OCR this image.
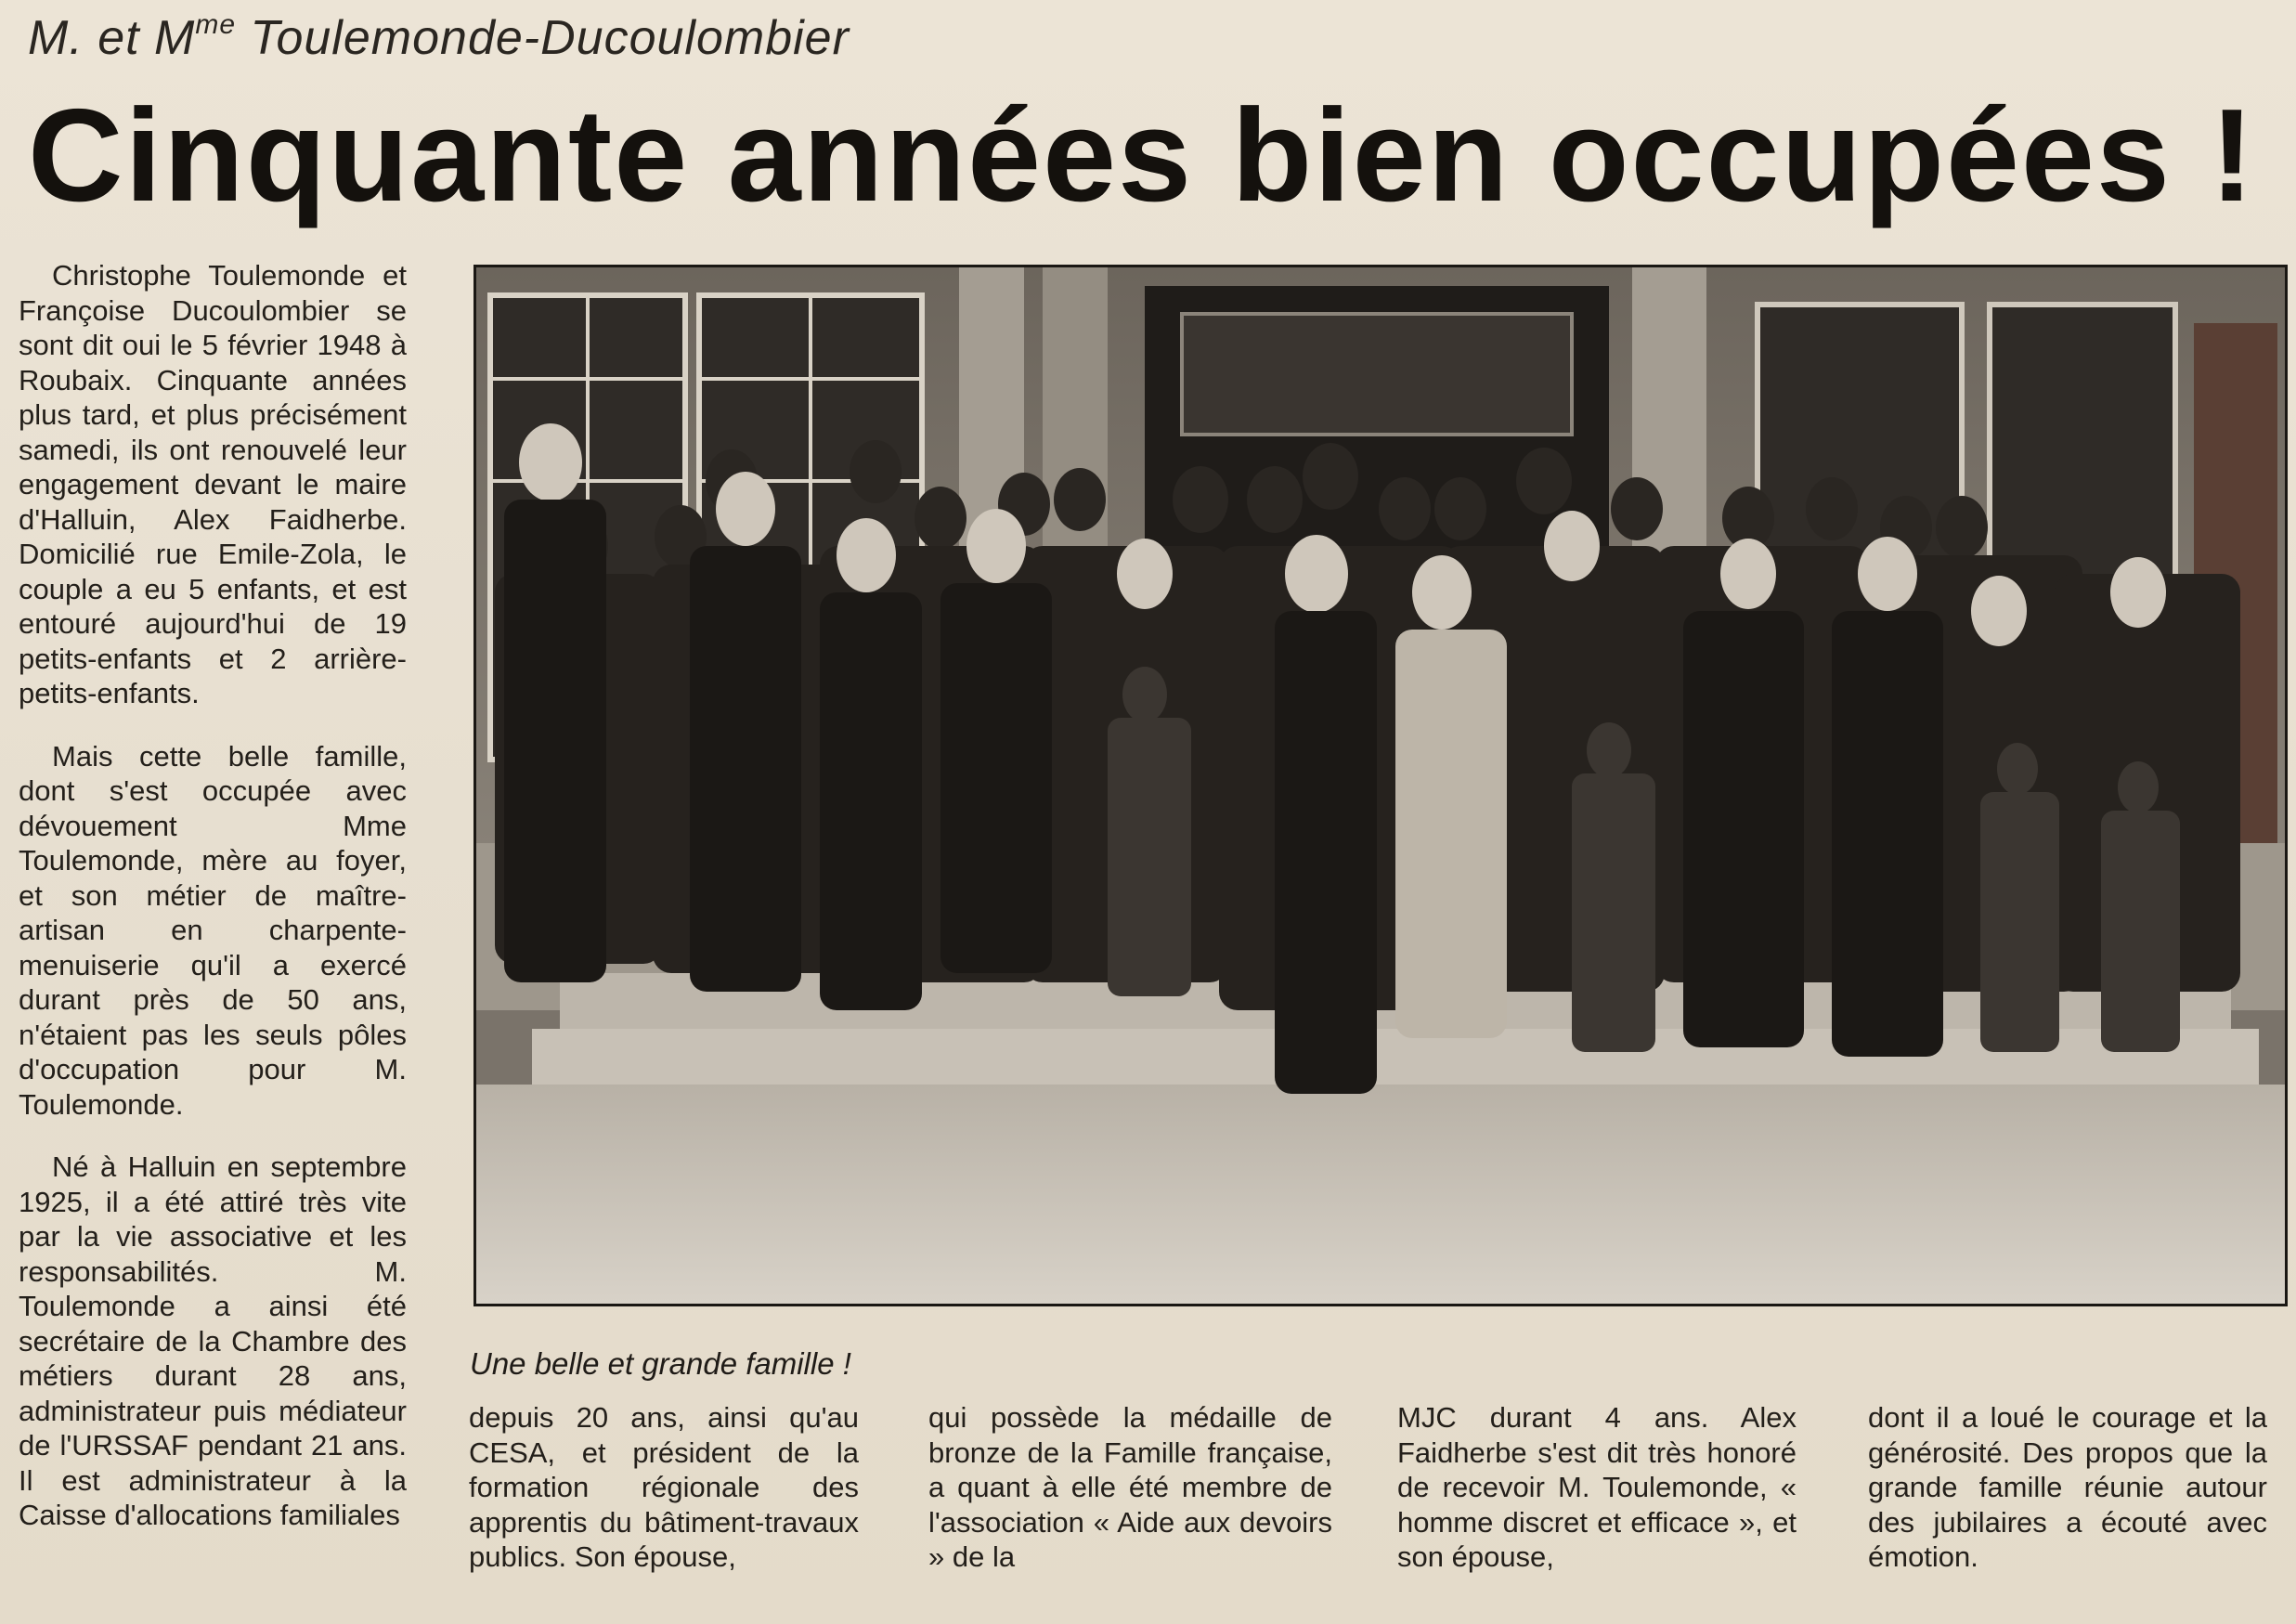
M. et $M^{me}$ Toulemonde-Ducoulombier
Cinquante années bien occupées !

Christophe Toulemonde et Françoise Ducoulombier se sont dit oui le 5 février 1948 à Roubaix. Cinquante années plus tard, et plus précisément samedi, ils ont renouvelé leur engagement devant le maire d'Halluin, Alex Faidherbe. Domicilié rue Emile-Zola, le couple a eu 5 enfants, et est entouré aujourd'hui de 19 petits-enfants et 2 arrière-petits-enfants.

Mais cette belle famille, dont s'est occupée avec dévouement Mme Toulemonde, mère au foyer, et son métier de maître-artisan en charpente-menuiserie qu'il a exercé durant près de 50 ans, n'étaient pas les seuls pôles d'occupation pour M. Toulemonde.

Né à Halluin en septembre 1925, il a été attiré très vite par la vie associative et les responsabilités. M. Toulemonde a ainsi été secrétaire de la Chambre des métiers durant 28 ans, administrateur puis médiateur de l'URSSAF pendant 21 ans. Il est administrateur à la Caisse d'allocations familiales

Une belle et grande famille !
depuis 20 ans, ainsi qu'au CESA, et président de la formation régionale des apprentis du bâtiment-travaux publics. Son épouse,
qui possède la médaille de bronze de la Famille française, a quant à elle été membre de l'association « Aide aux devoirs » de la
MJC durant 4 ans. Alex Faidherbe s'est dit très honoré de recevoir M. Toulemonde, « homme discret et efficace », et son épouse,
dont il a loué le courage et la générosité. Des propos que la grande famille réunie autour des jubilaires a écouté avec émotion.
